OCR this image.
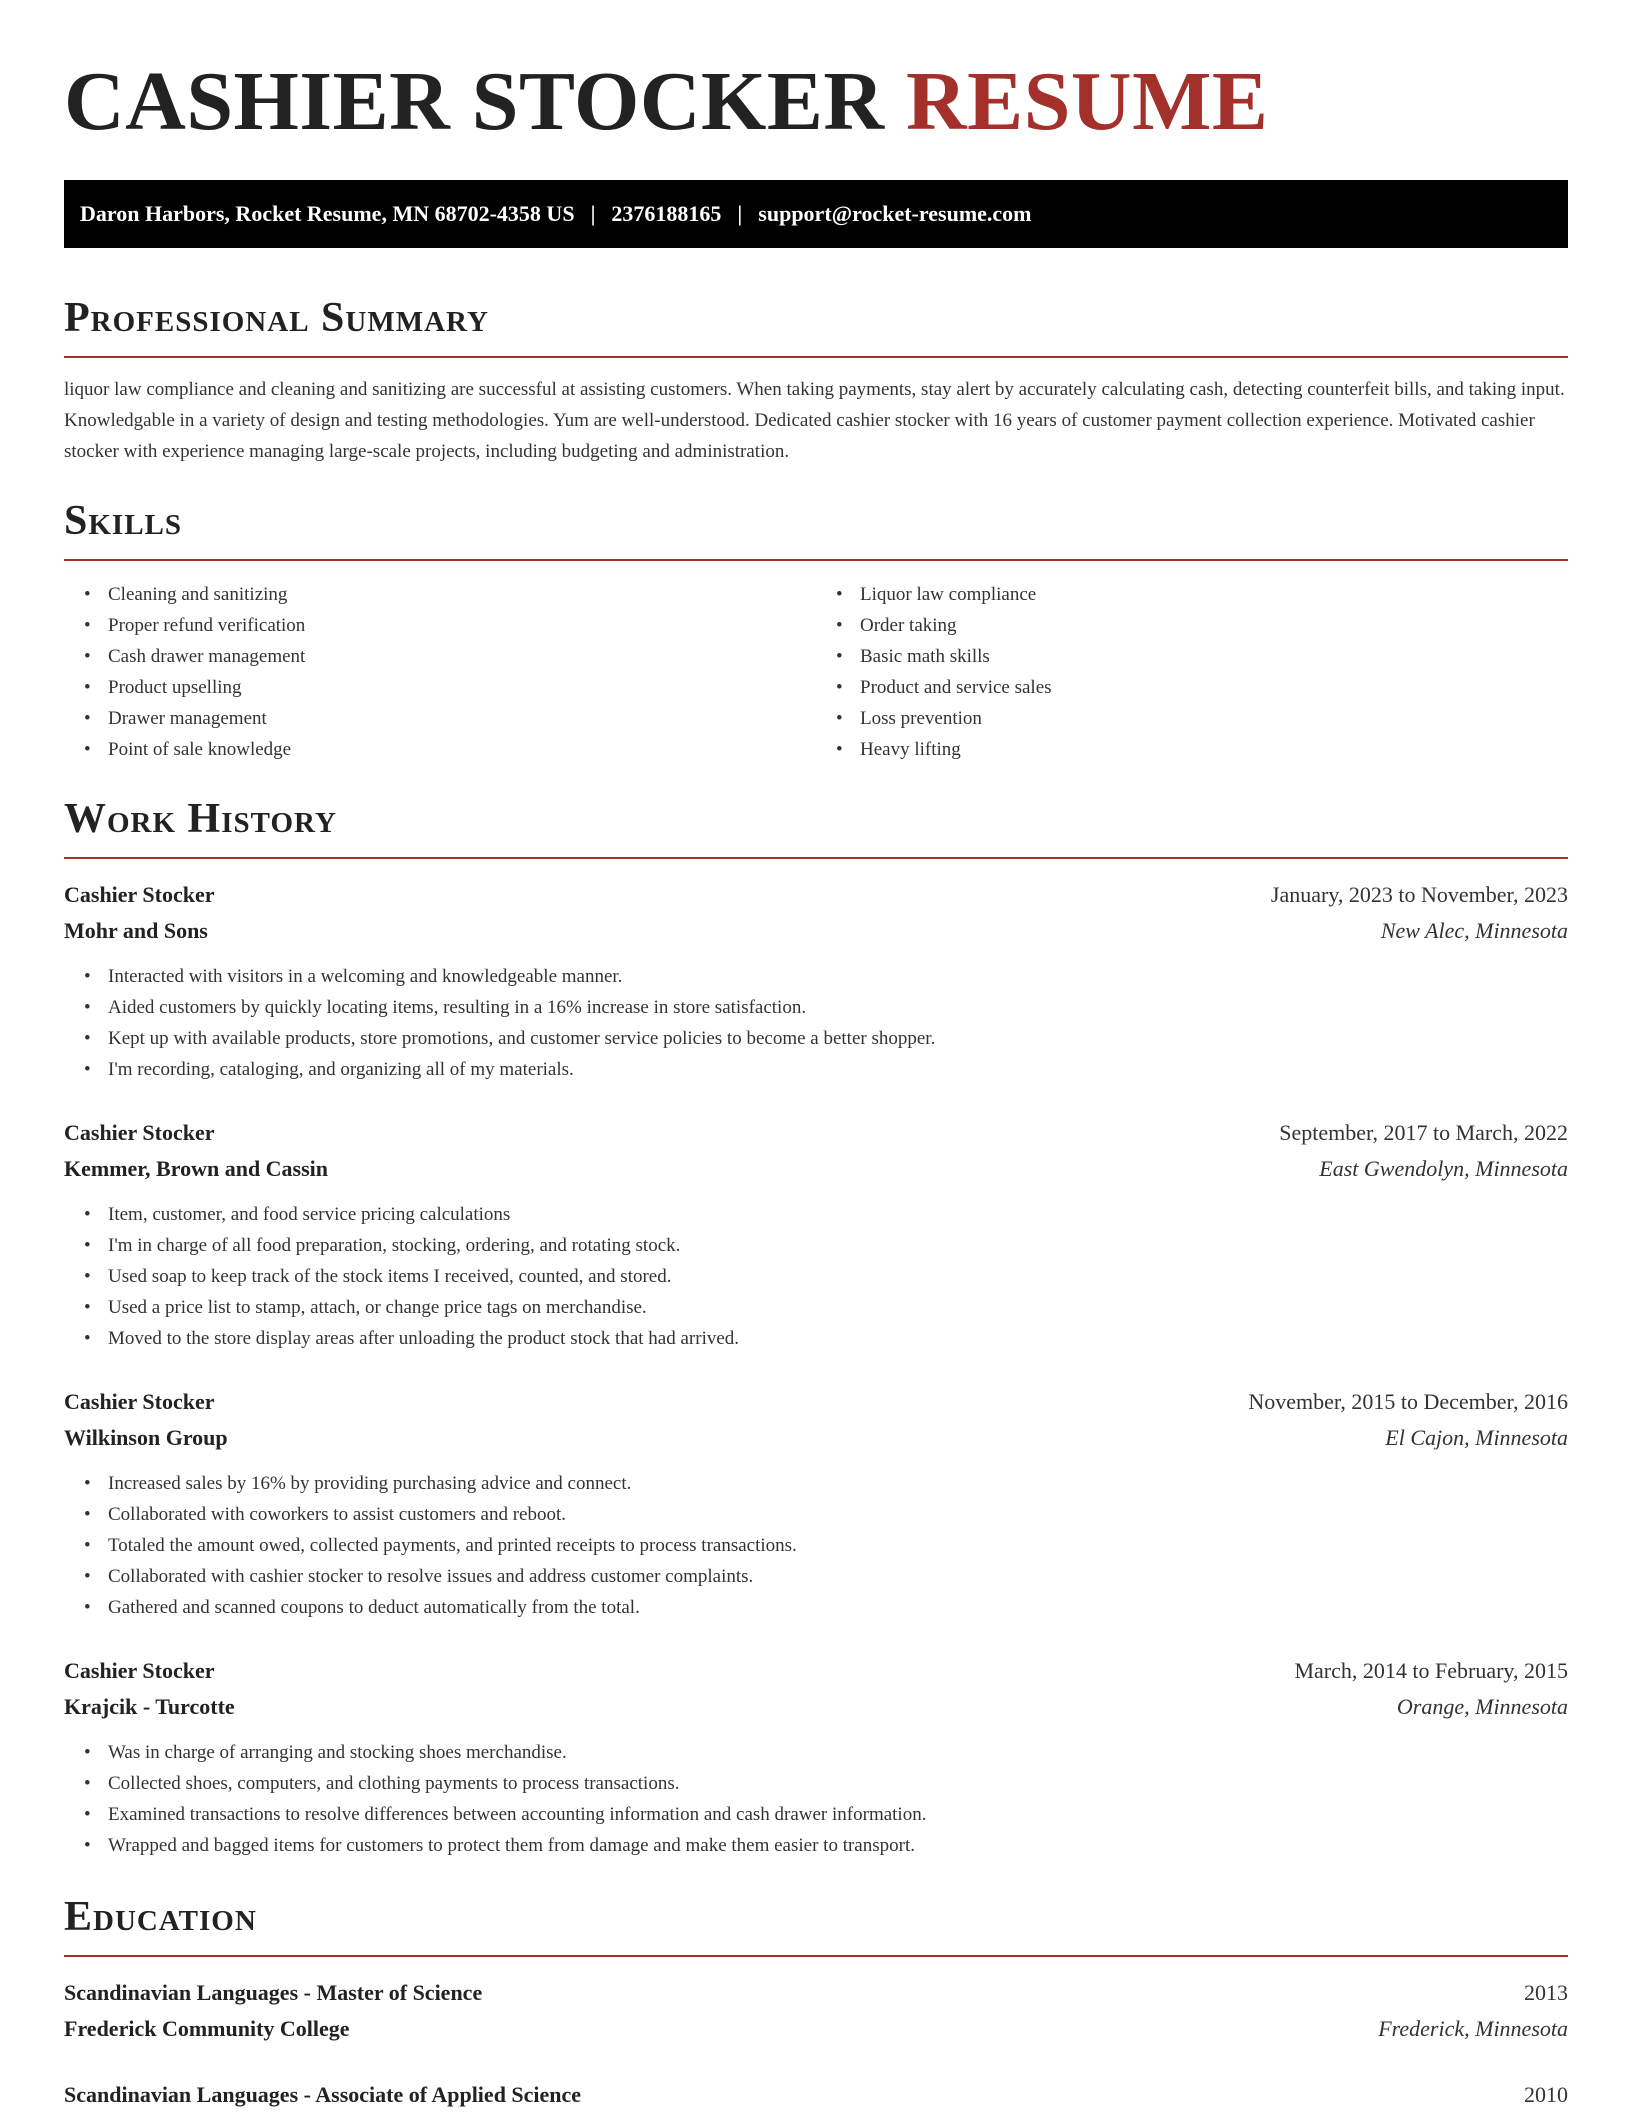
CASHIER STOCKER RESUME
Daron Harbors, Rocket Resume, MN 68702-4358 US | 2376188165 | support@rocket-resume.com
Professional Summary

liquor law compliance and cleaning and sanitizing are successful at assisting customers. When taking payments, stay alert by accurately calculating cash, detecting counterfeit bills, and taking input. Knowledgable in a variety of design and testing methodologies. Yum are well-understood. Dedicated cashier stocker with 16 years of customer payment collection experience. Motivated cashier stocker with experience managing large-scale projects, including budgeting and administration.

Skills
• Cleaning and sanitizing
• Proper refund verification
• Cash drawer management
• Product upselling
• Drawer management
• Point of sale knowledge
• Liquor law compliance
• Order taking
• Basic math skills
• Product and service sales
• Loss prevention
• Heavy lifting
Work History
Cashier Stocker	January, 2023 to November, 2023
Mohr and Sons	New Alec, Minnesota
• Interacted with visitors in a welcoming and knowledgeable manner.
• Aided customers by quickly locating items, resulting in a 16% increase in store satisfaction.
• Kept up with available products, store promotions, and customer service policies to become a better shopper.
• I'm recording, cataloging, and organizing all of my materials.
Cashier Stocker	September, 2017 to March, 2022
Kemmer, Brown and Cassin	East Gwendolyn, Minnesota
• Item, customer, and food service pricing calculations
• I'm in charge of all food preparation, stocking, ordering, and rotating stock.
• Used soap to keep track of the stock items I received, counted, and stored.
• Used a price list to stamp, attach, or change price tags on merchandise.
• Moved to the store display areas after unloading the product stock that had arrived.
Cashier Stocker	November, 2015 to December, 2016
Wilkinson Group	El Cajon, Minnesota
• Increased sales by 16% by providing purchasing advice and connect.
• Collaborated with coworkers to assist customers and reboot.
• Totaled the amount owed, collected payments, and printed receipts to process transactions.
• Collaborated with cashier stocker to resolve issues and address customer complaints.
• Gathered and scanned coupons to deduct automatically from the total.
Cashier Stocker	March, 2014 to February, 2015
Krajcik - Turcotte	Orange, Minnesota
• Was in charge of arranging and stocking shoes merchandise.
• Collected shoes, computers, and clothing payments to process transactions.
• Examined transactions to resolve differences between accounting information and cash drawer information.
• Wrapped and bagged items for customers to protect them from damage and make them easier to transport.
Education
Scandinavian Languages - Master of Science	2013
Frederick Community College	Frederick, Minnesota
Scandinavian Languages - Associate of Applied Science	2010
